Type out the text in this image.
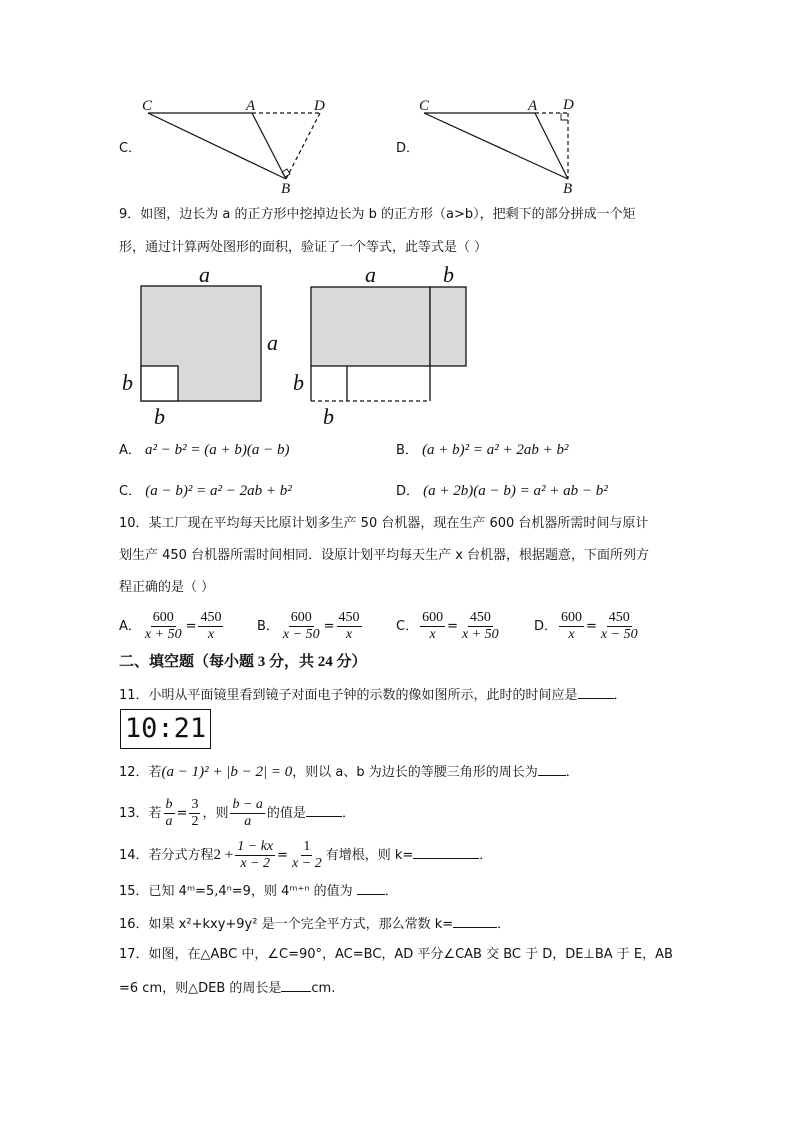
C	A	D
B
C	A D
B
C．	D．
9．如图，边长为 a 的正方形中挖掉边长为 b 的正方形（a>b），把剩下的部分拼成一个矩
形，通过计算两处图形的面积，验证了一个等式，此等式是（ ）
a
a
b
b
a	b
b
b
A． a² − b² = (a + b)(a − b)	B． (a + b)² = a² + 2ab + b²
C． (a − b)² = a² − 2ab + b²	D． (a + 2b)(a − b) = a² + ab − b²
10．某工厂现在平均每天比原计划多生产 50 台机器，现在生产 600 台机器所需时间与原计
划生产 450 台机器所需时间相同．设原计划平均每天生产 x 台机器，根据题意，下面所列方
程正确的是（ ）
A． $\frac{600}{x + 50} = \frac{450}{x}$	B． $\frac{600}{x - 50} = \frac{450}{x}$	C． $\frac{600}{x} = \frac{450}{x + 50}$	D． $\frac{600}{x} = \frac{450}{x - 50}$
二、填空题（每小题 3 分，共 24 分）
11．小明从平面镜里看到镜子对面电子钟的示数的像如图所示，此时的时间应是	．
10:21
12．若(a − 1)² + |b − 2| = 0，则以 a、b 为边长的等腰三角形的周长为 ．
13．若 $\frac{b}{a} = \frac{3}{2}$ ，则 $\frac{b - a}{a}$ 的值是	．
14．若分式方程$2 + \frac{1 - kx}{x - 2} = \frac{1}{x - 2}$ 有增根，则 k=	．
15．已知 4ᵐ=5,4ⁿ=9，则 4ᵐ⁺ⁿ 的值为 ．
16．如果 x²+kxy+9y² 是一个完全平方式，那么常数 k=	．
17．如图，在△ABC 中，∠C=90°，AC=BC，AD 平分∠CAB 交 BC 于 D，DE⊥BA 于 E，AB
=6 cm，则△DEB 的周长是 cm.
